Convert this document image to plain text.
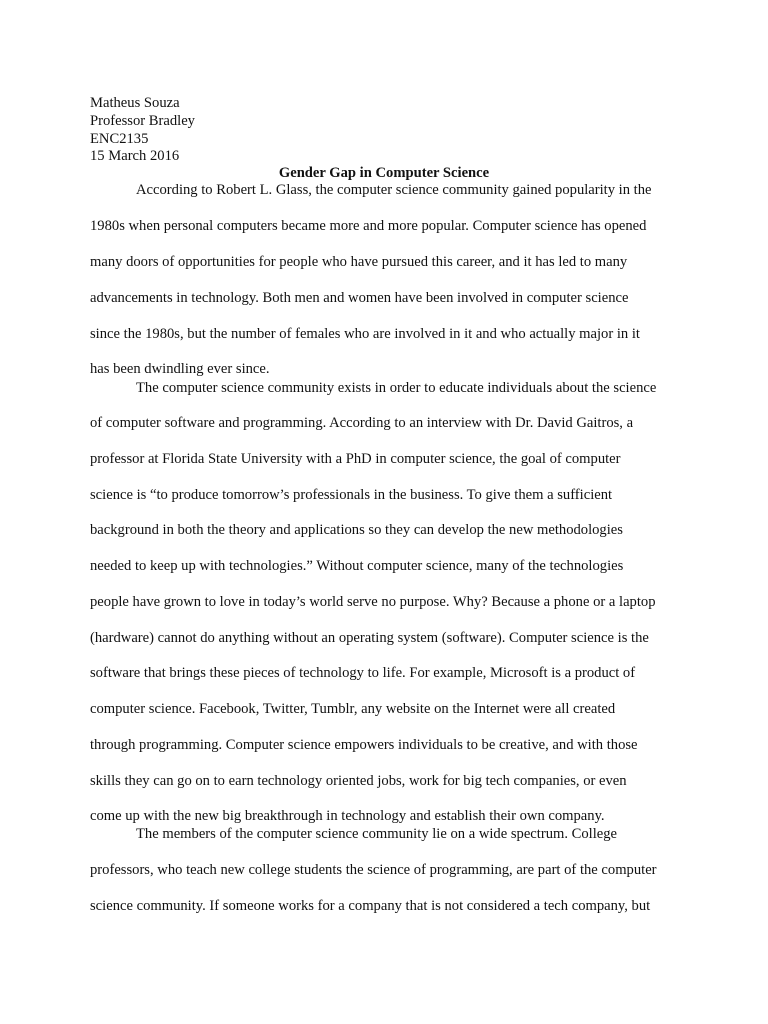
Matheus Souza
Professor Bradley
ENC2135
15 March 2016
Gender Gap in Computer Science
According to Robert L. Glass, the computer science community gained popularity in the
1980s when personal computers became more and more popular. Computer science has opened
many doors of opportunities for people who have pursued this career, and it has led to many
advancements in technology. Both men and women have been involved in computer science
since the 1980s, but the number of females who are involved in it and who actually major in it
has been dwindling ever since.
The computer science community exists in order to educate individuals about the science
of computer software and programming. According to an interview with Dr. David Gaitros, a
professor at Florida State University with a PhD in computer science, the goal of computer
science is “to produce tomorrow’s professionals in the business. To give them a sufficient
background in both the theory and applications so they can develop the new methodologies
needed to keep up with technologies.” Without computer science, many of the technologies
people have grown to love in today’s world serve no purpose. Why? Because a phone or a laptop
(hardware) cannot do anything without an operating system (software). Computer science is the
software that brings these pieces of technology to life. For example, Microsoft is a product of
computer science. Facebook, Twitter, Tumblr, any website on the Internet were all created
through programming. Computer science empowers individuals to be creative, and with those
skills they can go on to earn technology oriented jobs, work for big tech companies, or even
come up with the new big breakthrough in technology and establish their own company.
The members of the computer science community lie on a wide spectrum. College
professors, who teach new college students the science of programming, are part of the computer
science community. If someone works for a company that is not considered a tech company, but
